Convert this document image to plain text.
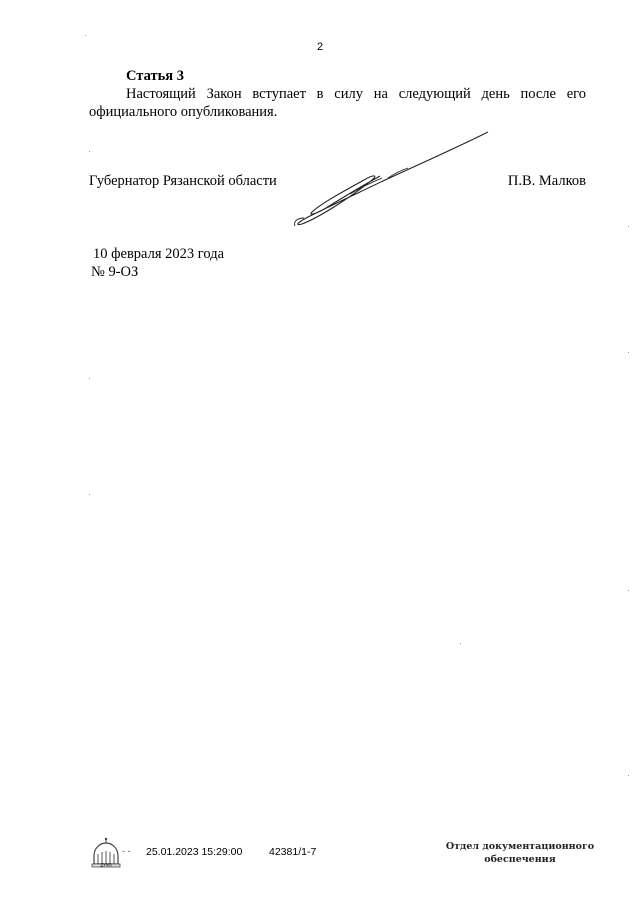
2
Статья 3
Настоящий Закон вступает в силу на следующий день после его
официального опубликования.
Губернатор Рязанской области	П.В. Малков
10 февраля 2023 года
№ 9-ОЗ
ДУМА
- - 25.01.2023 15:29:00	42381/1-7	Отдел документационного
обеспечения
